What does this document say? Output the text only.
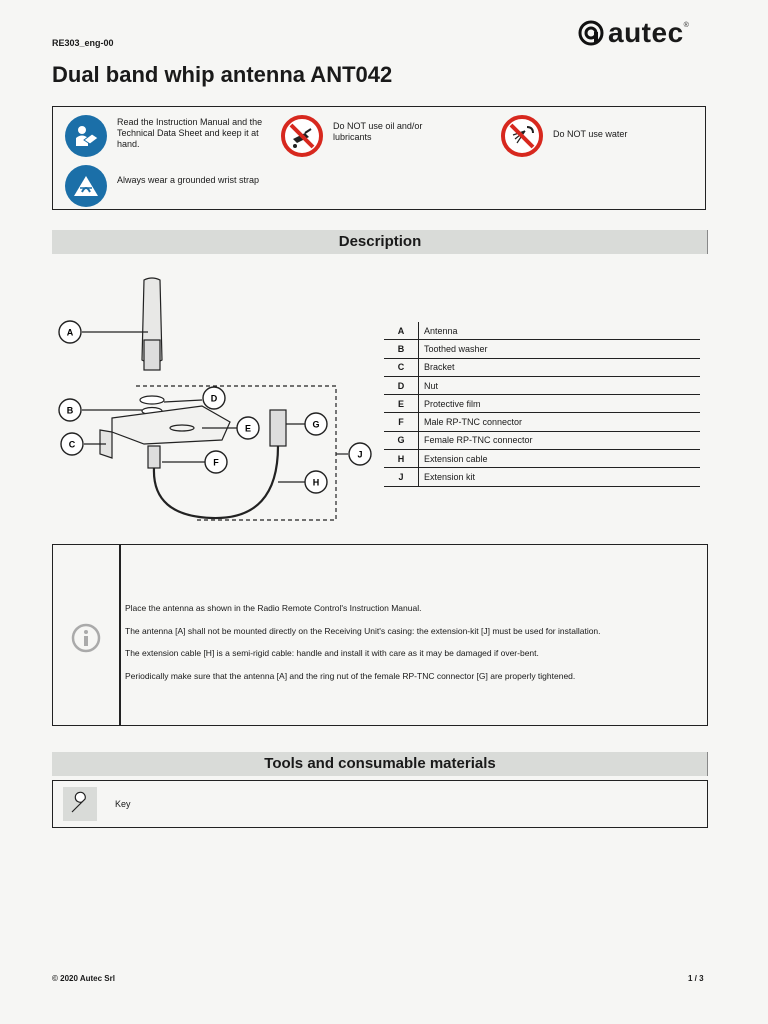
RE303_eng-00	autec ®
Dual band whip antenna ANT042
Read the Instruction Manual and the Technical Data Sheet and keep it at hand.
Always wear a grounded wrist strap
Do NOT use oil and/or lubricants	Do NOT use water
Description
A
B
C
D
E
F
G
H
J
A	Antenna
B	Toothed washer
C	Bracket
D	Nut
E	Protective film
F	Male RP-TNC connector
G	Female RP-TNC connector
H	Extension cable
J	Extension kit
Place the antenna as shown in the Radio Remote Control's Instruction Manual.
The antenna [A] shall not be mounted directly on the Receiving Unit's casing: the extension-kit [J] must be used for installation.
The extension cable [H] is a semi-rigid cable: handle and install it with care as it may be damaged if over-bent.
Periodically make sure that the antenna [A] and the ring nut of the female RP-TNC connector [G] are properly tightened.
Tools and consumable materials
Key
© 2020 Autec Srl	1 / 3
